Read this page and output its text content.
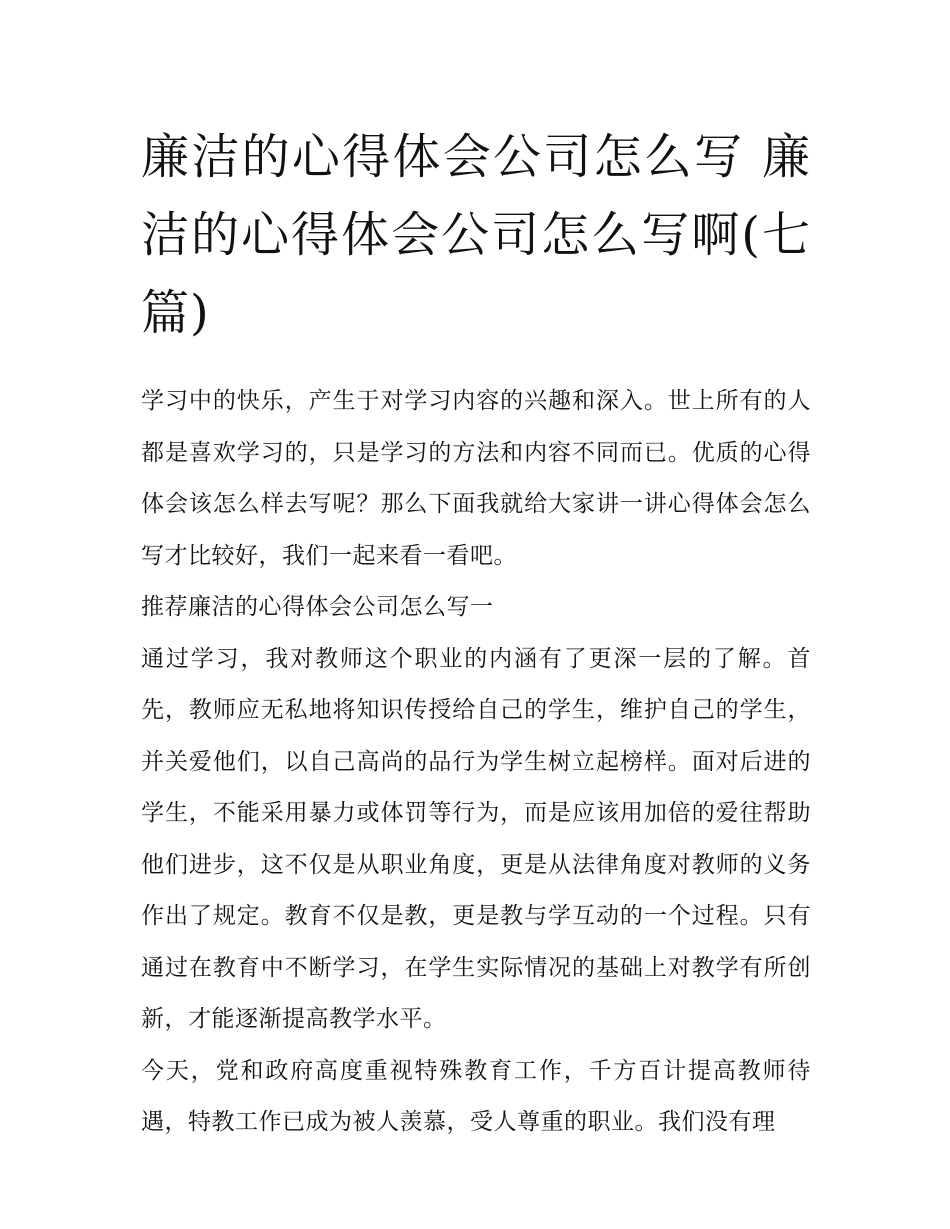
廉洁的心得体会公司怎么写 廉洁的心得体会公司怎么写啊(七篇)

学习中的快乐，产生于对学习内容的兴趣和深入。世上所有的人都是喜欢学习的，只是学习的方法和内容不同而已。优质的心得体会该怎么样去写呢？那么下面我就给大家讲一讲心得体会怎么写才比较好，我们一起来看一看吧。

推荐廉洁的心得体会公司怎么写一

通过学习，我对教师这个职业的内涵有了更深一层的了解。首先，教师应无私地将知识传授给自己的学生，维护自己的学生，并关爱他们，以自己高尚的品行为学生树立起榜样。面对后进的学生，不能采用暴力或体罚等行为，而是应该用加倍的爱往帮助他们进步，这不仅是从职业角度，更是从法律角度对教师的义务作出了规定。教育不仅是教，更是教与学互动的一个过程。只有通过在教育中不断学习，在学生实际情况的基础上对教学有所创新，才能逐渐提高教学水平。

今天，党和政府高度重视特殊教育工作，千方百计提高教师待遇，特教工作已成为被人羡慕，受人尊重的职业。我们没有理
